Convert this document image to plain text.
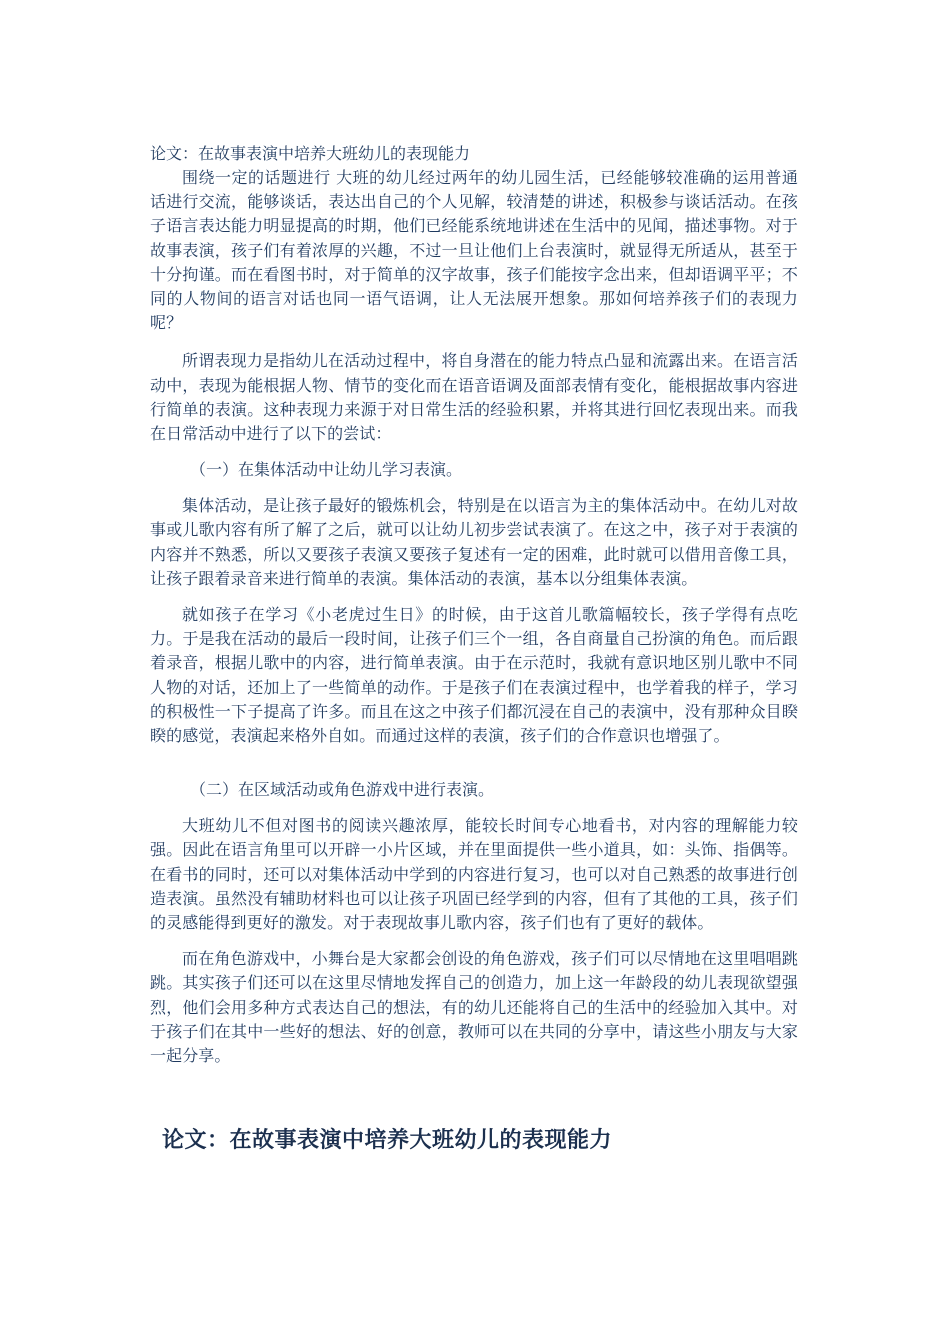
论文：在故事表演中培养大班幼儿的表现能力

围绕一定的话题进行 大班的幼儿经过两年的幼儿园生活，已经能够较准确的运用普通话进行交流，能够谈话，表达出自己的个人见解，较清楚的讲述，积极参与谈话活动。在孩子语言表达能力明显提高的时期，他们已经能系统地讲述在生活中的见闻，描述事物。对于故事表演，孩子们有着浓厚的兴趣，不过一旦让他们上台表演时，就显得无所适从，甚至于十分拘谨。而在看图书时，对于简单的汉字故事，孩子们能按字念出来，但却语调平平；不同的人物间的语言对话也同一语气语调，让人无法展开想象。那如何培养孩子们的表现力呢？

所谓表现力是指幼儿在活动过程中，将自身潜在的能力特点凸显和流露出来。在语言活动中，表现为能根据人物、情节的变化而在语音语调及面部表情有变化，能根据故事内容进行简单的表演。这种表现力来源于对日常生活的经验积累，并将其进行回忆表现出来。而我在日常活动中进行了以下的尝试：

（一）在集体活动中让幼儿学习表演。

集体活动，是让孩子最好的锻炼机会，特别是在以语言为主的集体活动中。在幼儿对故事或儿歌内容有所了解了之后，就可以让幼儿初步尝试表演了。在这之中，孩子对于表演的内容并不熟悉，所以又要孩子表演又要孩子复述有一定的困难，此时就可以借用音像工具，让孩子跟着录音来进行简单的表演。集体活动的表演，基本以分组集体表演。

就如孩子在学习《小老虎过生日》的时候，由于这首儿歌篇幅较长，孩子学得有点吃力。于是我在活动的最后一段时间，让孩子们三个一组，各自商量自己扮演的角色。而后跟着录音，根据儿歌中的内容，进行简单表演。由于在示范时，我就有意识地区别儿歌中不同人物的对话，还加上了一些简单的动作。于是孩子们在表演过程中，也学着我的样子，学习的积极性一下子提高了许多。而且在这之中孩子们都沉浸在自己的表演中，没有那种众目睽睽的感觉，表演起来格外自如。而通过这样的表演，孩子们的合作意识也增强了。

（二）在区域活动或角色游戏中进行表演。

大班幼儿不但对图书的阅读兴趣浓厚，能较长时间专心地看书，对内容的理解能力较强。因此在语言角里可以开辟一小片区域，并在里面提供一些小道具，如：头饰、指偶等。在看书的同时，还可以对集体活动中学到的内容进行复习，也可以对自己熟悉的故事进行创造表演。虽然没有辅助材料也可以让孩子巩固已经学到的内容，但有了其他的工具，孩子们的灵感能得到更好的激发。对于表现故事儿歌内容，孩子们也有了更好的载体。

而在角色游戏中，小舞台是大家都会创设的角色游戏，孩子们可以尽情地在这里唱唱跳跳。其实孩子们还可以在这里尽情地发挥自己的创造力，加上这一年龄段的幼儿表现欲望强烈，他们会用多种方式表达自己的想法，有的幼儿还能将自己的生活中的经验加入其中。对于孩子们在其中一些好的想法、好的创意，教师可以在共同的分享中，请这些小朋友与大家一起分享。

论文：在故事表演中培养大班幼儿的表现能力
